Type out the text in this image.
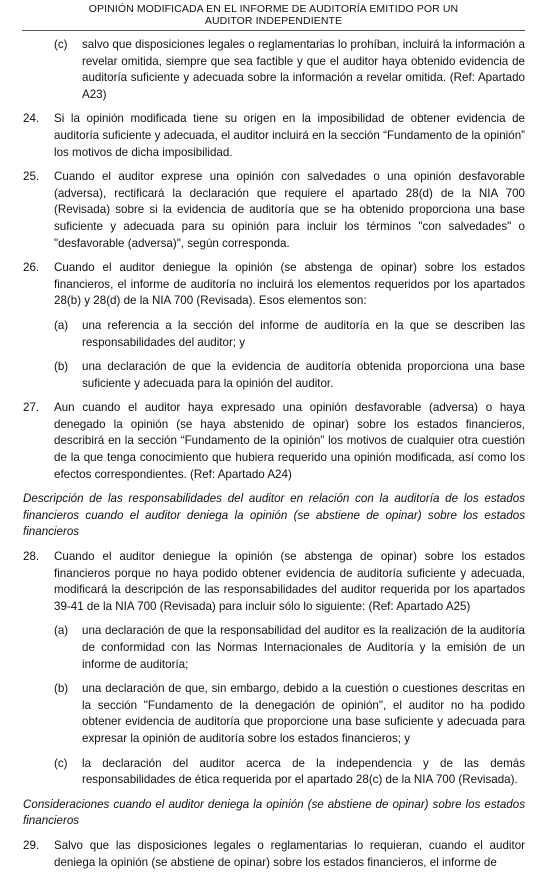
OPINIÓN MODIFICADA EN EL INFORME DE AUDITORÍA EMITIDO POR UN
AUDITOR INDEPENDIENTE
(c) salvo que disposiciones legales o reglamentarias lo prohíban, incluirá la información a revelar omitida, siempre que sea factible y que el auditor haya obtenido evidencia de auditoría suficiente y adecuada sobre la información a revelar omitida. (Ref: Apartado A23)
24. Si la opinión modificada tiene su origen en la imposibilidad de obtener evidencia de auditoría suficiente y adecuada, el auditor incluirá en la sección “Fundamento de la opinión” los motivos de dicha imposibilidad.
25. Cuando el auditor exprese una opinión con salvedades o una opinión desfavorable (adversa), rectificará la declaración que requiere el apartado 28(d) de la NIA 700 (Revisada) sobre si la evidencia de auditoría que se ha obtenido proporciona una base suficiente y adecuada para su opinión para incluir los términos "con salvedades" o "desfavorable (adversa)", según corresponda.
26. Cuando el auditor deniegue la opinión (se abstenga de opinar) sobre los estados financieros, el informe de auditoría no incluirá los elementos requeridos por los apartados 28(b) y 28(d) de la NIA 700 (Revisada). Esos elementos son:
(a) una referencia a la sección del informe de auditoría en la que se describen las responsabilidades del auditor; y
(b) una declaración de que la evidencia de auditoría obtenida proporciona una base suficiente y adecuada para la opinión del auditor.
27. Aun cuando el auditor haya expresado una opinión desfavorable (adversa) o haya denegado la opinión (se haya abstenido de opinar) sobre los estados financieros, describirá en la sección “Fundamento de la opinión” los motivos de cualquier otra cuestión de la que tenga conocimiento que hubiera requerido una opinión modificada, así como los efectos correspondientes. (Ref: Apartado A24)
Descripción de las responsabilidades del auditor en relación con la auditoría de los estados financieros cuando el auditor deniega la opinión (se abstiene de opinar) sobre los estados financieros
28. Cuando el auditor deniegue la opinión (se abstenga de opinar) sobre los estados financieros porque no haya podido obtener evidencia de auditoría suficiente y adecuada, modificará la descripción de las responsabilidades del auditor requerida por los apartados 39-41 de la NIA 700 (Revisada) para incluir sólo lo siguiente: (Ref: Apartado A25)
(a) una declaración de que la responsabilidad del auditor es la realización de la auditoría de conformidad con las Normas Internacionales de Auditoría y la emisión de un informe de auditoría;
(b) una declaración de que, sin embargo, debido a la cuestión o cuestiones descritas en la sección "Fundamento de la denegación de opinión", el auditor no ha podido obtener evidencia de auditoría que proporcione una base suficiente y adecuada para expresar la opinión de auditoría sobre los estados financieros; y
(c) la declaración del auditor acerca de la independencia y de las demás responsabilidades de ética requerida por el apartado 28(c) de la NIA 700 (Revisada).
Consideraciones cuando el auditor deniega la opinión (se abstiene de opinar) sobre los estados financieros
29. Salvo que las disposiciones legales o reglamentarias lo requieran, cuando el auditor deniega la opinión (se abstiene de opinar) sobre los estados financieros, el informe de
